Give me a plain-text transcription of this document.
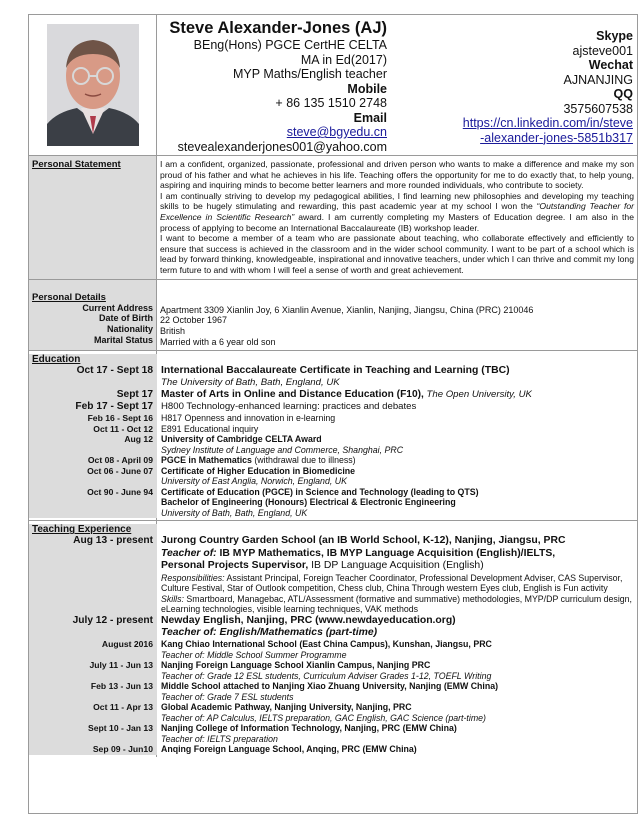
Steve Alexander-Jones (AJ)
BEng(Hons) PGCE CertHE CELTA
MA in Ed(2017)
MYP Maths/English teacher
Mobile
+ 86 135 1510 2748
Email
steve@bgyedu.cn
stevealexanderjones001@yahoo.com
Skype
ajsteve001
Wechat
AJNANJING
QQ
3575607538
https://cn.linkedin.com/in/steve
-alexander-jones-5851b317
Personal Statement	I am a confident, organized, passionate, professional and driven person who wants to make a difference and make my son proud of his father and what he achieves in his life. Teaching offers the opportunity for me to do exactly that, to help young, aspiring and inquiring minds to become better learners and more rounded individuals, who contribute to society.
I am continually striving to develop my pedagogical abilities, I find learning new philosophies and developing my teaching skills to be hugely stimulating and rewarding, this past academic year at my school I won the “Outstanding Teacher for Excellence in Scientific Research” award. I am currently completing my Masters of Education degree. I am also in the process of applying to become an International Baccalaureate (IB) workshop leader.
I want to become a member of a team who are passionate about teaching, who collaborate effectively and efficiently to ensure that success is achieved in the classroom and in the wider school community. I want to be part of a school which is lead by forward thinking, knowledgeable, inspirational and innovative teachers, under which I can thrive and commit my long term future to and with whom I will feel a sense of worth and great achievement.
Personal Details
Current Address
Date of Birth
Nationality
Marital Status
Apartment 3309 Xianlin Joy, 6 Xianlin Avenue, Xianlin, Nanjing, Jiangsu, China (PRC) 210046
22 October 1967
British
Married with a 6 year old son
Education
Oct 17 - Sept 18 International Baccalaureate Certificate in Teaching and Learning (TBC)
The University of Bath, Bath, England, UK
Sept 17 Master of Arts in Online and Distance Education (F10), The Open University, UK
Feb 17 - Sept 17 H800 Technology-enhanced learning: practices and debates
Feb 16 - Sept 16 H817 Openness and innovation in e-learning
Oct 11 - Oct 12 E891 Educational inquiry
Aug 12 University of Cambridge CELTA Award
Sydney Institute of Language and Commerce, Shanghai, PRC
Oct 08 - April 09 PGCE in Mathematics (withdrawal due to illness)
Oct 06 - June 07 Certificate of Higher Education in Biomedicine
University of East Anglia, Norwich, England, UK
Oct 90 - June 94 Certificate of Education (PGCE) in Science and Technology (leading to QTS)
Bachelor of Engineering (Honours) Electrical & Electronic Engineering
University of Bath, Bath, England, UK
Teaching Experience
Aug 13 - present Jurong Country Garden School (an IB World School, K-12), Nanjing, Jiangsu, PRC
Teacher of: IB MYP Mathematics, IB MYP Language Acquisition (English)/IELTS,
Personal Projects Supervisor, IB DP Language Acquisition (English)
Responsibilities: Assistant Principal, Foreign Teacher Coordinator, Professional Development Adviser, CAS Supervisor, Culture Festival, Star of Outlook competition, Chess club, China Through western Eyes club, English is Fun activity
Skills: Smartboard, Managebac, ATL/Assessment (formative and summative) methodologies, MYP/DP curriculum design, eLearning technologies, visible learning techniques, VAK methods
July 12 - present Newday English, Nanjing, PRC (www.newdayeducation.org)
Teacher of: English/Mathematics (part-time)
August 2016 Kang Chiao International School (East China Campus), Kunshan, Jiangsu, PRC
Teacher of: Middle School Summer Programme
July 11 - Jun 13 Nanjing Foreign Language School Xianlin Campus, Nanjing PRC
Teacher of: Grade 12 ESL students, Curriculum Adviser Grades 1-12, TOEFL Writing
Feb 13 - Jun 13 Middle School attached to Nanjing Xiao Zhuang University, Nanjing (EMW China)
Teacher of: Grade 7 ESL students
Oct 11 - Apr 13 Global Academic Pathway, Nanjing University, Nanjing, PRC
Teacher of: AP Calculus, IELTS preparation, GAC English, GAC Science (part-time)
Sept 10 - Jan 13 Nanjing College of Information Technology, Nanjing, PRC (EMW China)
Teacher of: IELTS preparation
Sep 09 - Jun10 Anqing Foreign Language School, Anqing, PRC (EMW China)
